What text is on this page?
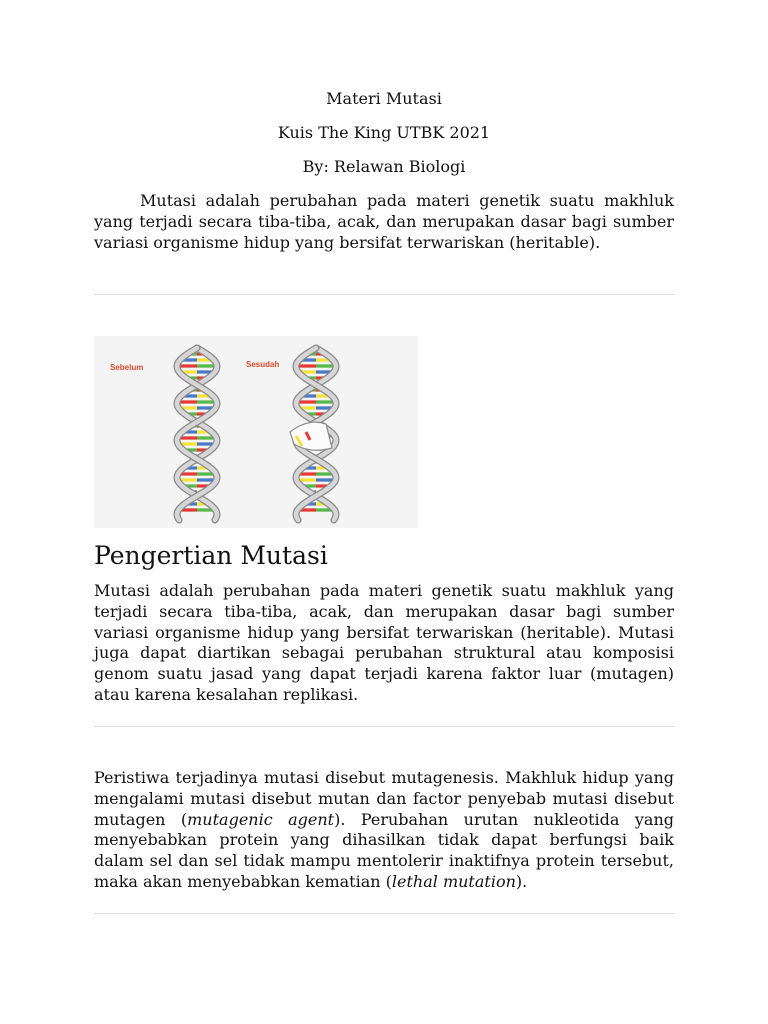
Materi Mutasi

Kuis The King UTBK 2021

By: Relawan Biologi

Mutasi adalah perubahan pada materi genetik suatu makhluk yang terjadi secara tiba-tiba, acak, dan merupakan dasar bagi sumber variasi organisme hidup yang bersifat terwariskan (heritable).

Sebelum	Sesudah
Pengertian Mutasi

Mutasi adalah perubahan pada materi genetik suatu makhluk yang terjadi secara tiba-tiba, acak, dan merupakan dasar bagi sumber variasi organisme hidup yang bersifat terwariskan (heritable). Mutasi juga dapat diartikan sebagai perubahan struktural atau komposisi genom suatu jasad yang dapat terjadi karena faktor luar (mutagen) atau karena kesalahan replikasi.

Peristiwa terjadinya mutasi disebut mutagenesis. Makhluk hidup yang mengalami mutasi disebut mutan dan factor penyebab mutasi disebut mutagen (mutagenic agent). Perubahan urutan nukleotida yang menyebabkan protein yang dihasilkan tidak dapat berfungsi baik dalam sel dan sel tidak mampu mentolerir inaktifnya protein tersebut, maka akan menyebabkan kematian (lethal mutation).
